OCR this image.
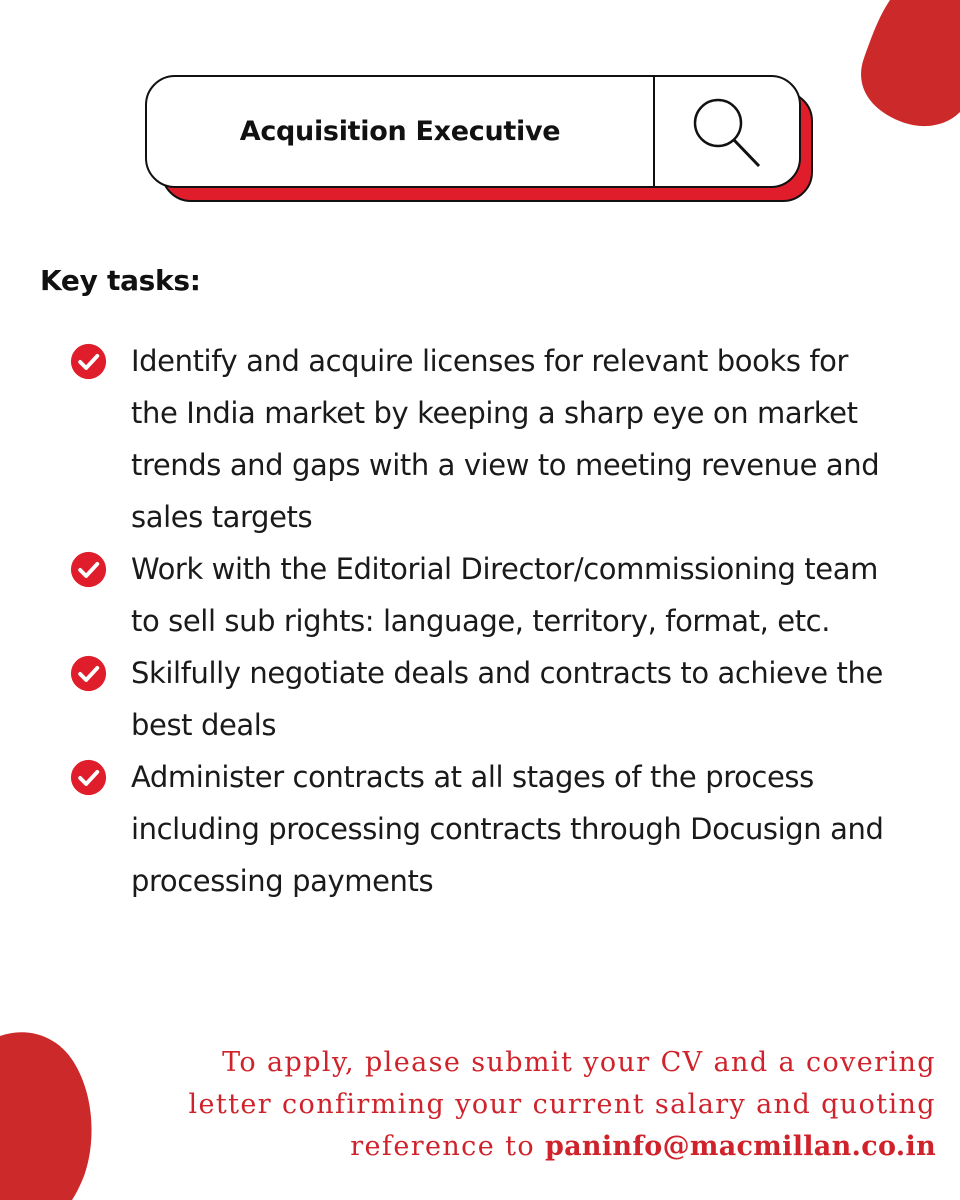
Acquisition Executive
Key tasks:
Identify and acquire licenses for relevant books for the India market by keeping a sharp eye on market trends and gaps with a view to meeting revenue and sales targets
Work with the Editorial Director/commissioning team to sell sub rights: language, territory, format, etc.
Skilfully negotiate deals and contracts to achieve the best deals
Administer contracts at all stages of the process including processing contracts through Docusign and processing payments
To apply, please submit your CV and a covering
letter confirming your current salary and quoting
reference to paninfo@macmillan.co.in
